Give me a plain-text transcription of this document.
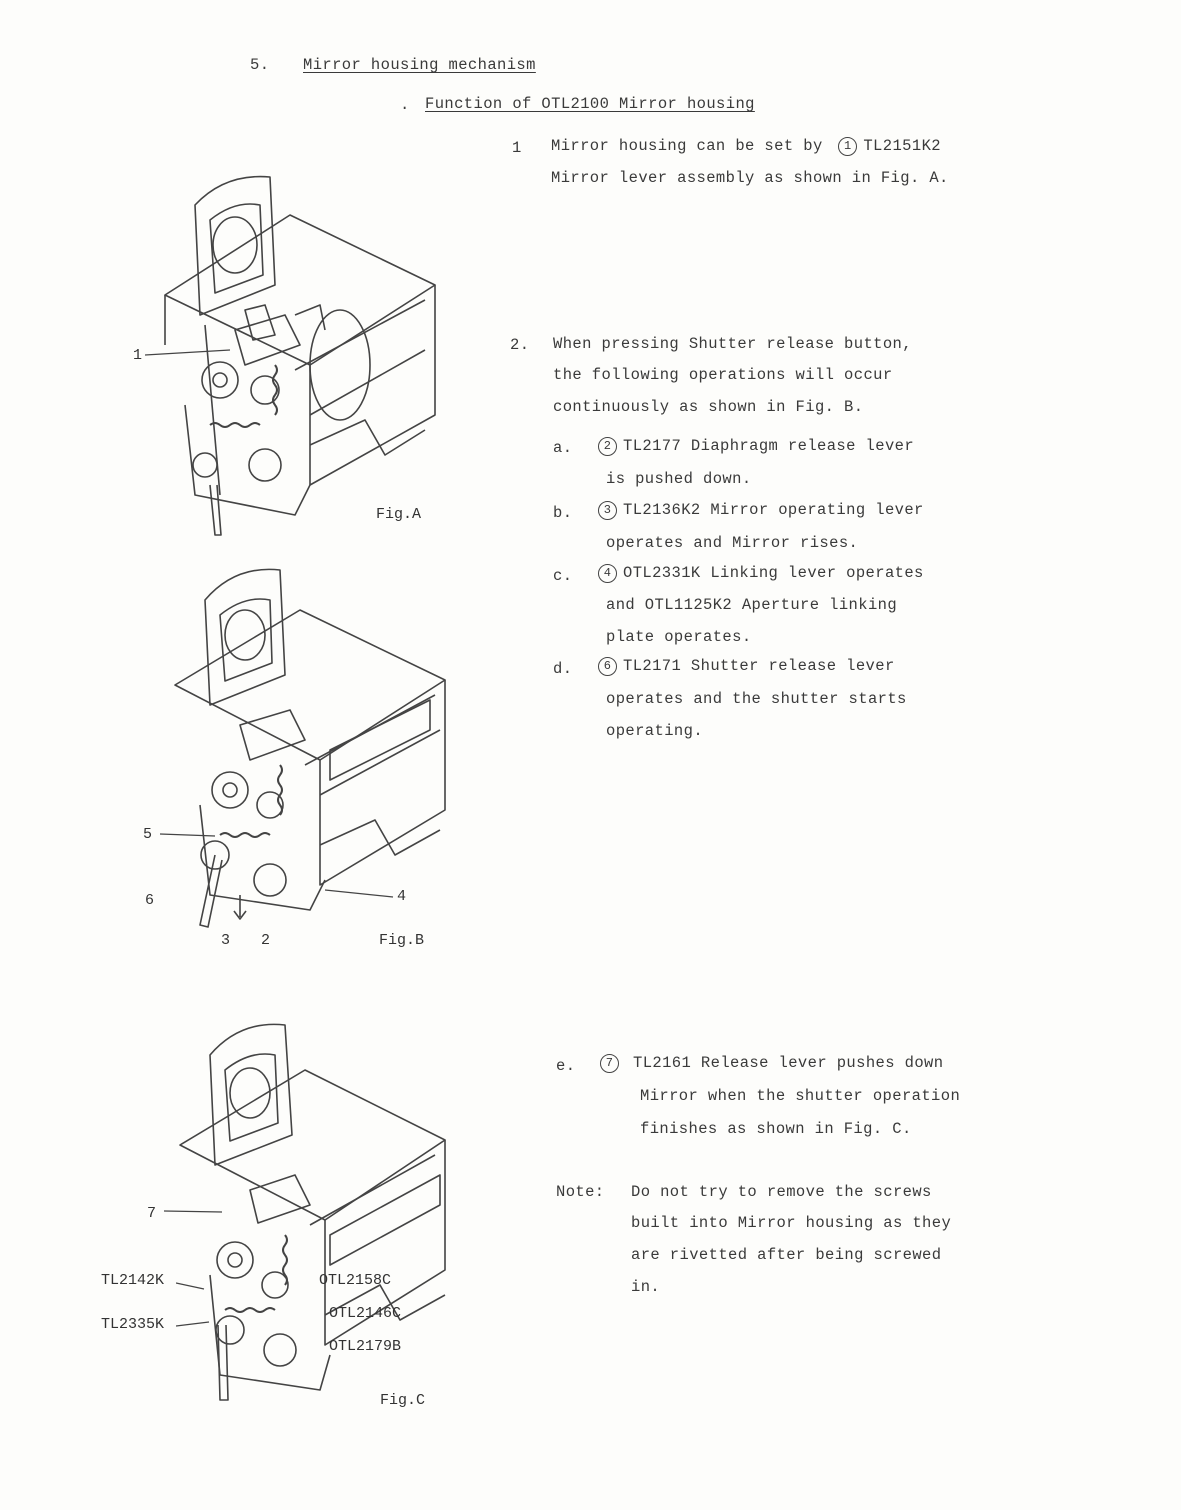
5. Mirror housing mechanism
. Function of OTL2100 Mirror housing
1 Mirror housing can be set by 1 TL2151K2
Mirror lever assembly as shown in Fig. A.
2. When pressing Shutter release button,
the following operations will occur
continuously as shown in Fig. B.
a.	2 TL2177 Diaphragm release lever
is pushed down.
b.	3 TL2136K2 Mirror operating lever
operates and Mirror rises.
c.	4 OTL2331K Linking lever operates
and OTL1125K2 Aperture linking
plate operates.
d.	6 TL2171 Shutter release lever
operates and the shutter starts
operating.
e.	7 TL2161 Release lever pushes down
Mirror when the shutter operation
finishes as shown in Fig. C.
Note: Do not try to remove the screws
built into Mirror housing as they
are rivetted after being screwed
in.
1
Fig.A
5
6	4
3 2	Fig.B
7
TL2142K
TL2335K
OTL2158C
OTL2146C
OTL2179B
Fig.C
